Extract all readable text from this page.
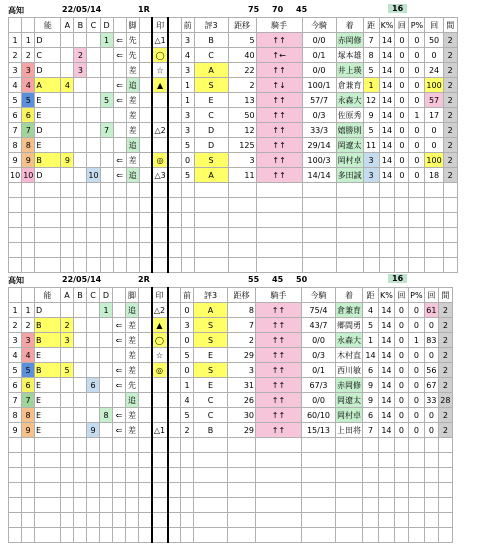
高知	22/05/14	1R	75 70 45	16
		能	A	B	C	D		脚		印		前	評3	距移	騎手	今騎	着	距	K%	回	P%	回	間
1	1	D				1	⇐	先		△1		3	B	5	↑↑	0/0	赤岡修	7	14	0	0	50	2
2	2	C		2			⇐	先		◯		4	C	40	↑←	0/1	塚本雄	8	14	0	0	0	2
3	3	D		3				差		☆		3	A	22	↑↑	0/0	井上瑛	5	14	0	0	24	2
4	4	A	4				⇐	追		▲		1	S	2	↑↓	100/1	倉兼育	1	14	0	0	100	2
5	5	E				5	⇐	差				1	E	13	↑↑	57/7	永森大	12	14	0	0	57	2
6	6	E						差				3	C	50	↑↑	0/3	佐原秀	9	14	0	1	17	2
7	7	D				7		差		△2		3	D	12	↑↑	33/3	嬉勝則	5	14	0	0	0	2
8	8	E						追				5	D	125	↑↑	29/14	岡遼太	11	14	0	0	0	2
9	9	B	9				⇐	差		◎		0	S	3	↑↑	100/3	岡村卓	3	14	0	0	100	2
10	10	D			10		⇐	追		△3		5	A	11	↑↑	14/14	多田誠	3	14	0	0	18	2

高知	22/05/14	2R	55 45 50	16
		能	A	B	C	D		脚		印		前	評3	距移	騎手	今騎	着	距	K%	回	P%	回	間
1	1	D				1		追		△2		0	A	8	↑↑	75/4	倉兼育	4	14	0	0	61	2
2	2	B	2				⇐	差		▲		3	S	7	↑↑	43/7	郷間勇	5	14	0	0	0	2
3	3	B	3				⇐	差		◯		0	S	2	↑↑	0/0	永森大	1	14	0	1	83	2
4	4	E						差		☆		5	E	29	↑↑	0/3	木村直	14	14	0	0	0	2
5	5	B	5				⇐	差		◎		0	S	3	↑↑	0/1	西川敏	6	14	0	0	56	2
6	6	E			6		⇐	先				1	E	31	↑↑	67/3	赤岡修	9	14	0	0	67	2
7	7	E						追				4	C	26	↑↑	0/0	岡遼太	9	14	0	0	33	28
8	8	E				8	⇐	差				5	C	30	↑↑	60/10	岡村卓	6	14	0	0	0	2
9	9	E			9		⇐	差		△1		2	B	29	↑↑	15/13	上田将	7	14	0	0	0	2
